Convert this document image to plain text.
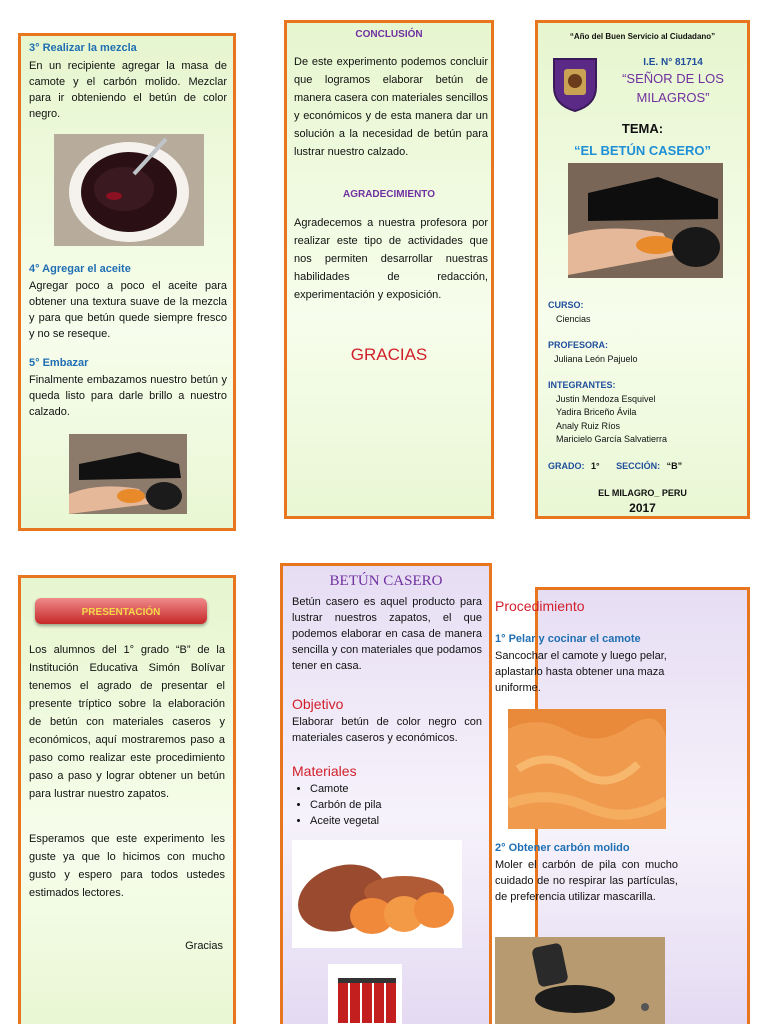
3° Realizar la mezcla
En un recipiente agregar la masa de camote y el carbón molido. Mezclar para ir obteniendo el betún de color negro.
4° Agregar el aceite
Agregar poco a poco el aceite para obtener una textura suave de la mezcla y para que betún quede siempre fresco y no se reseque.
5° Embazar
Finalmente embazamos nuestro betún y queda listo para darle brillo a nuestro calzado.
CONCLUSIÓN
De este experimento podemos concluir que logramos elaborar betún de manera casera con materiales sencillos y económicos y de esta manera dar un solución a la necesidad de betún para lustrar nuestro calzado.
AGRADECIMIENTO
Agradecemos a nuestra profesora por realizar este tipo de actividades que nos permiten desarrollar nuestras habilidades de redacción, experimentación y exposición.
GRACIAS
“Año del Buen Servicio al Ciudadano”
I.E. N° 81714
“SEÑOR DE LOS MILAGROS”
TEMA:
“EL BETÚN CASERO”
CURSO:
Ciencias
PROFESORA:
Juliana León Pajuelo
INTEGRANTES:
Justin Mendoza Esquivel
Yadira Briceño Ávila
Analy Ruiz Ríos
Maricielo García Salvatierra
GRADO: 1° SECCIÓN: “B”
EL MILAGRO_ PERU
2017
PRESENTACIÓN
Los alumnos del 1° grado “B” de la Institución Educativa Simón Bolívar tenemos el agrado de presentar el presente tríptico sobre la elaboración de betún con materiales caseros y económicos, aquí mostraremos paso a paso como realizar este procedimiento paso a paso y lograr obtener un betún para lustrar nuestro zapatos.
Esperamos que este experimento les guste ya que lo hicimos con mucho gusto y espero para todos ustedes estimados lectores.
Gracias
BETÚN CASERO
Betún casero es aquel producto para lustrar nuestros zapatos, el que podemos elaborar en casa de manera sencilla y con materiales que podamos tener en casa.
Objetivo
Elaborar betún de color negro con materiales caseros y económicos.
Materiales
• Camote
• Carbón de pila
• Aceite vegetal
Procedimiento
1° Pelar y cocinar el camote
Sancochar el camote y luego pelar, aplastarlo hasta obtener una maza uniforme.
2° Obtener carbón molido
Moler el carbón de pila con mucho cuidado de no respirar las partículas, de preferencia utilizar mascarilla.
